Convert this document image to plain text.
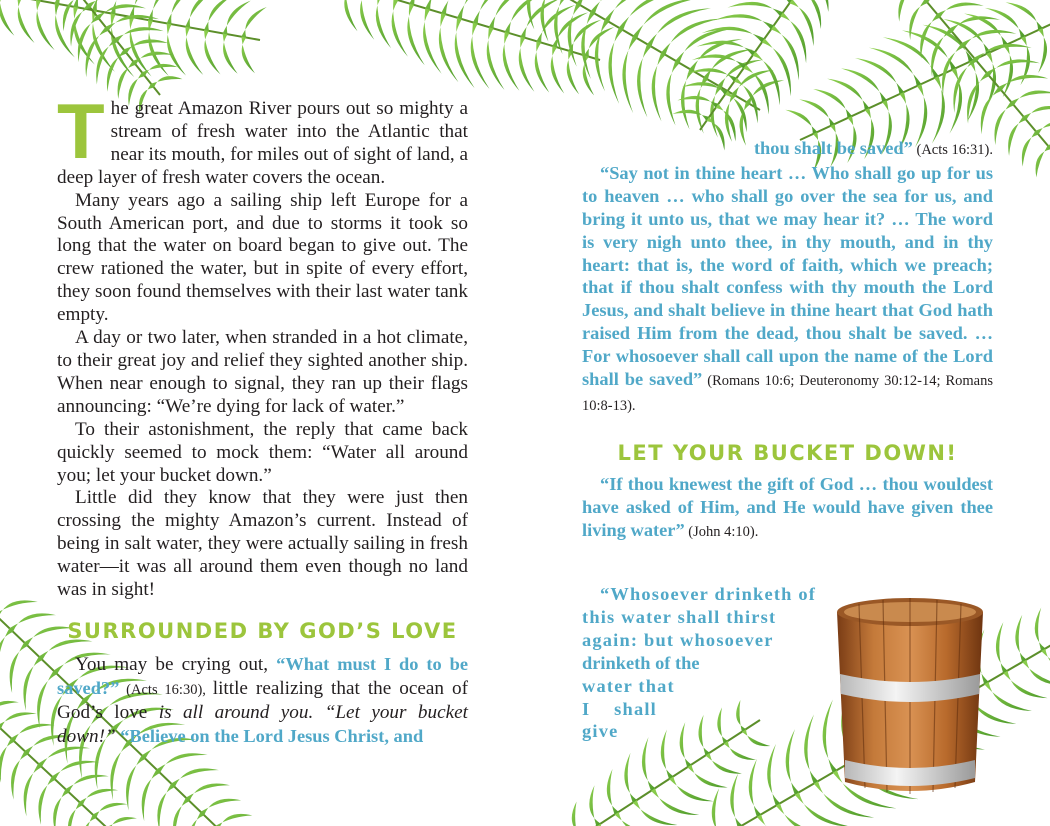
The great Amazon River pours out so mighty a stream of fresh water into the Atlantic that near its mouth, for miles out of sight of land, a deep layer of fresh water covers the ocean.

Many years ago a sailing ship left Europe for a South American port, and due to storms it took so long that the water on board began to give out. The crew rationed the water, but in spite of every effort, they soon found themselves with their last water tank empty.

A day or two later, when stranded in a hot climate, to their great joy and relief they sighted another ship. When near enough to signal, they ran up their flags announcing: “We’re dying for lack of water.”

To their astonishment, the reply that came back quickly seemed to mock them: “Water all around you; let your bucket down.”

Little did they know that they were just then crossing the mighty Amazon’s current. Instead of being in salt water, they were actually sailing in fresh water—it was all around them even though no land was in sight!

SURROUNDED BY GOD’S LOVE

You may be crying out, “What must I do to be saved?” (Acts 16:30), little realizing that the ocean of God’s love is all around you. “Let your bucket down!” “Believe on the Lord Jesus Christ, and

thou shalt be saved” (Acts 16:31).

“Say not in thine heart … Who shall go up for us to heaven … who shall go over the sea for us, and bring it unto us, that we may hear it? … The word is very nigh unto thee, in thy mouth, and in thy heart: that is, the word of faith, which we preach; that if thou shalt confess with thy mouth the Lord Jesus, and shalt believe in thine heart that God hath raised Him from the dead, thou shalt be saved. … For whosoever shall call upon the name of the Lord shall be saved” (Romans 10:6; Deuteronomy 30:12-14; Romans 10:8-13).

LET YOUR BUCKET DOWN!

“If thou knewest the gift of God … thou wouldest have asked of Him, and He would have given thee living water” (John 4:10).

“Whosoever drinketh of
this water shall thirst
again: but whosoever
drinketh of the
water that
I shall
give
